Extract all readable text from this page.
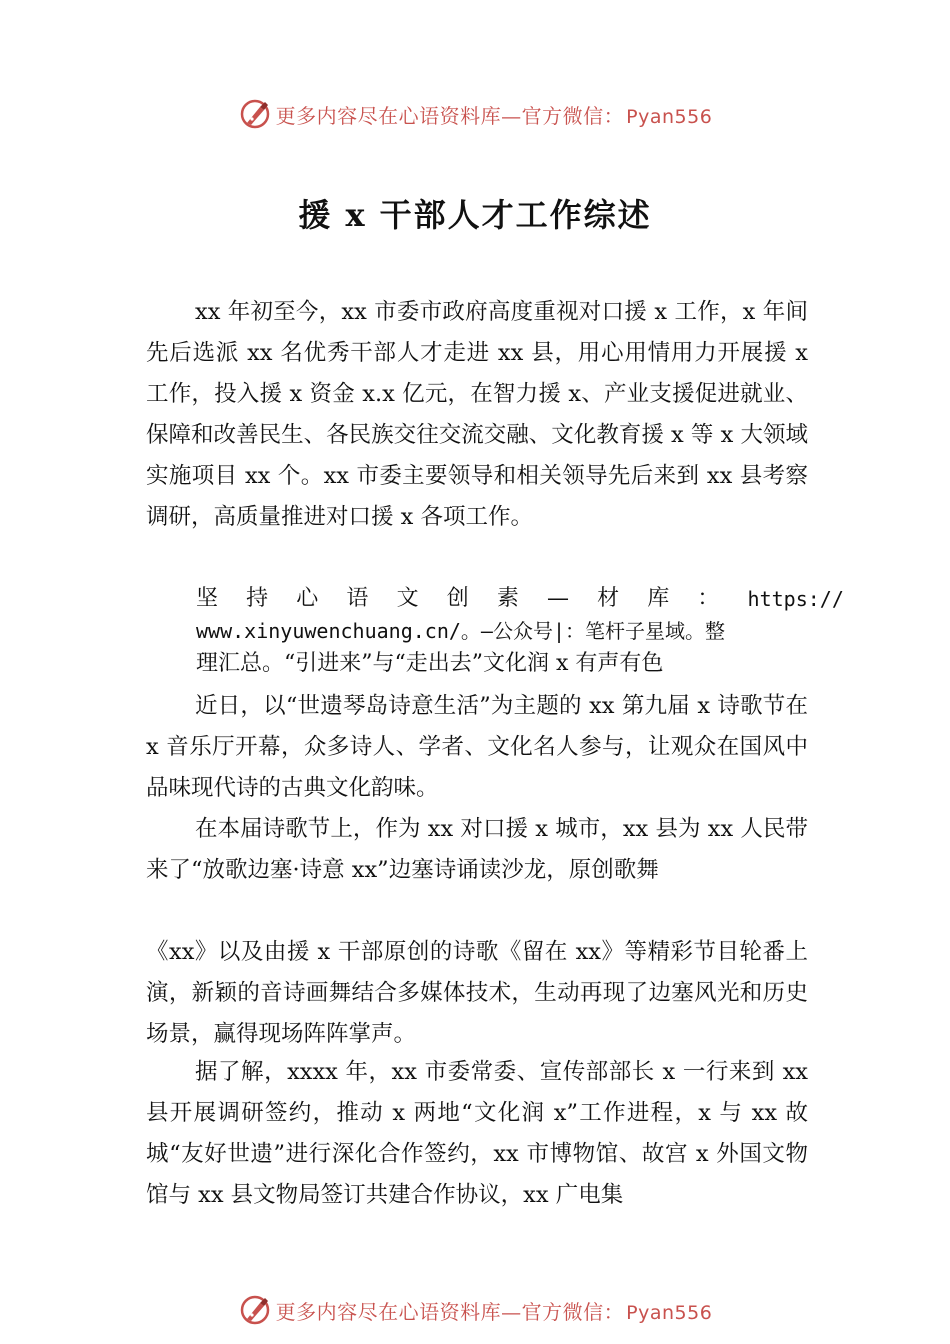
更多内容尽在心语资料库—官方微信： Pyan556
援 x 干部人才工作综述

xx 年初至今，xx 市委市政府高度重视对口援 x 工作，x 年间先后选派 xx 名优秀干部人才走进 xx 县，用心用情用力开展援 x 工作，投入援 x 资金 x.x 亿元，在智力援 x、产业支援促进就业、保障和改善民生、各民族交往交流交融、文化教育援 x 等 x 大领域实施项目 xx 个。xx 市委主要领导和相关领导先后来到 xx 县考察调研，高质量推进对口援 x 各项工作。

坚 持 心 语 文 创 素 — 材 库 ： https://
www.xinyuwenchuang.cn/。—公众号|：笔杆子星域。整
理汇总。“引进来”与“走出去”文化润 x 有声有色

近日，以“世遗琴岛诗意生活”为主题的 xx 第九届 x 诗歌节在 x 音乐厅开幕，众多诗人、学者、文化名人参与，让观众在国风中品味现代诗的古典文化韵味。

在本届诗歌节上，作为 xx 对口援 x 城市，xx 县为 xx 人民带来了“放歌边塞·诗意 xx”边塞诗诵读沙龙，原创歌舞

《xx》以及由援 x 干部原创的诗歌《留在 xx》等精彩节目轮番上演，新颖的音诗画舞结合多媒体技术，生动再现了边塞风光和历史场景，赢得现场阵阵掌声。

据了解，xxxx 年，xx 市委常委、宣传部部长 x 一行来到 xx 县开展调研签约，推动 x 两地“文化润 x”工作进程，x 与 xx 故城“友好世遗”进行深化合作签约，xx 市博物馆、故宫 x 外国文物馆与 xx 县文物局签订共建合作协议，xx 广电集

更多内容尽在心语资料库—官方微信： Pyan556
